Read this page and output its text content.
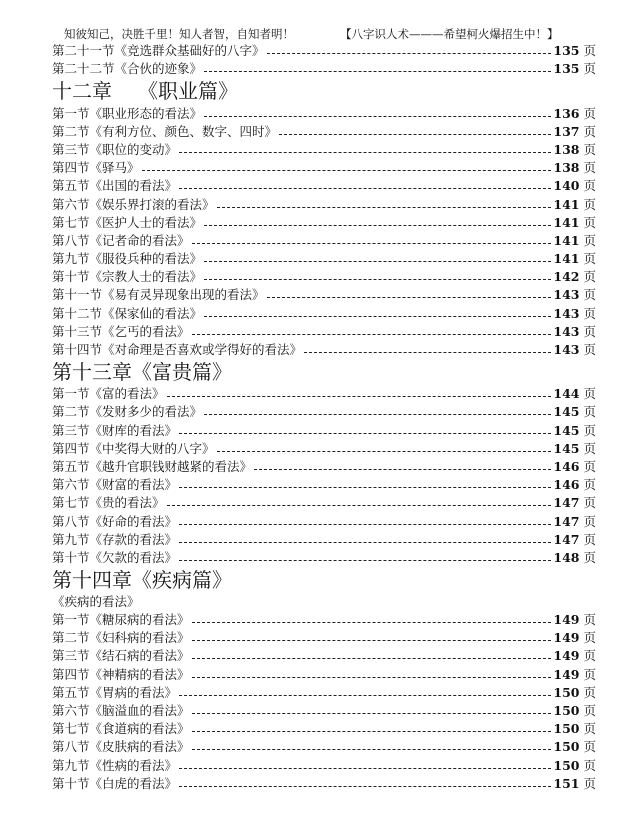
知彼知己，决胜千里！知人者智，自知者明！	【八字识人术———希望柯火爆招生中！】
第二十一节《竞选群众基础好的八字》	135 页
第二十二节《合伙的迹象》	135 页
十二章 《职业篇》
第一节《职业形态的看法》	136 页
第二节《有利方位、颜色、数字、四时》	137 页
第三节《职位的变动》	138 页
第四节《驿马》	138 页
第五节《出国的看法》	140 页
第六节《娱乐界打滚的看法》	141 页
第七节《医护人士的看法》	141 页
第八节《记者命的看法》	141 页
第九节《服役兵种的看法》	141 页
第十节《宗教人士的看法》	142 页
第十一节《易有灵异现象出现的看法》	143 页
第十二节《保家仙的看法》	143 页
第十三节《乞丐的看法》	143 页
第十四节《对命理是否喜欢或学得好的看法》	143 页
第十三章《富贵篇》
第一节《富的看法》	144 页
第二节《发财多少的看法》	145 页
第三节《财库的看法》	145 页
第四节《中奖得大财的八字》	145 页
第五节《越升官职钱财越紧的看法》	146 页
第六节《财富的看法》	146 页
第七节《贵的看法》	147 页
第八节《好命的看法》	147 页
第九节《存款的看法》	147 页
第十节《欠款的看法》	148 页
第十四章《疾病篇》
《疾病的看法》
第一节《糖尿病的看法》	149 页
第二节《妇科病的看法》	149 页
第三节《结石病的看法》	149 页
第四节《神精病的看法》	149 页
第五节《胃病的看法》	150 页
第六节《脑溢血的看法》	150 页
第七节《食道病的看法》	150 页
第八节《皮肤病的看法》	150 页
第九节《性病的看法》	150 页
第十节《白虎的看法》	151 页
